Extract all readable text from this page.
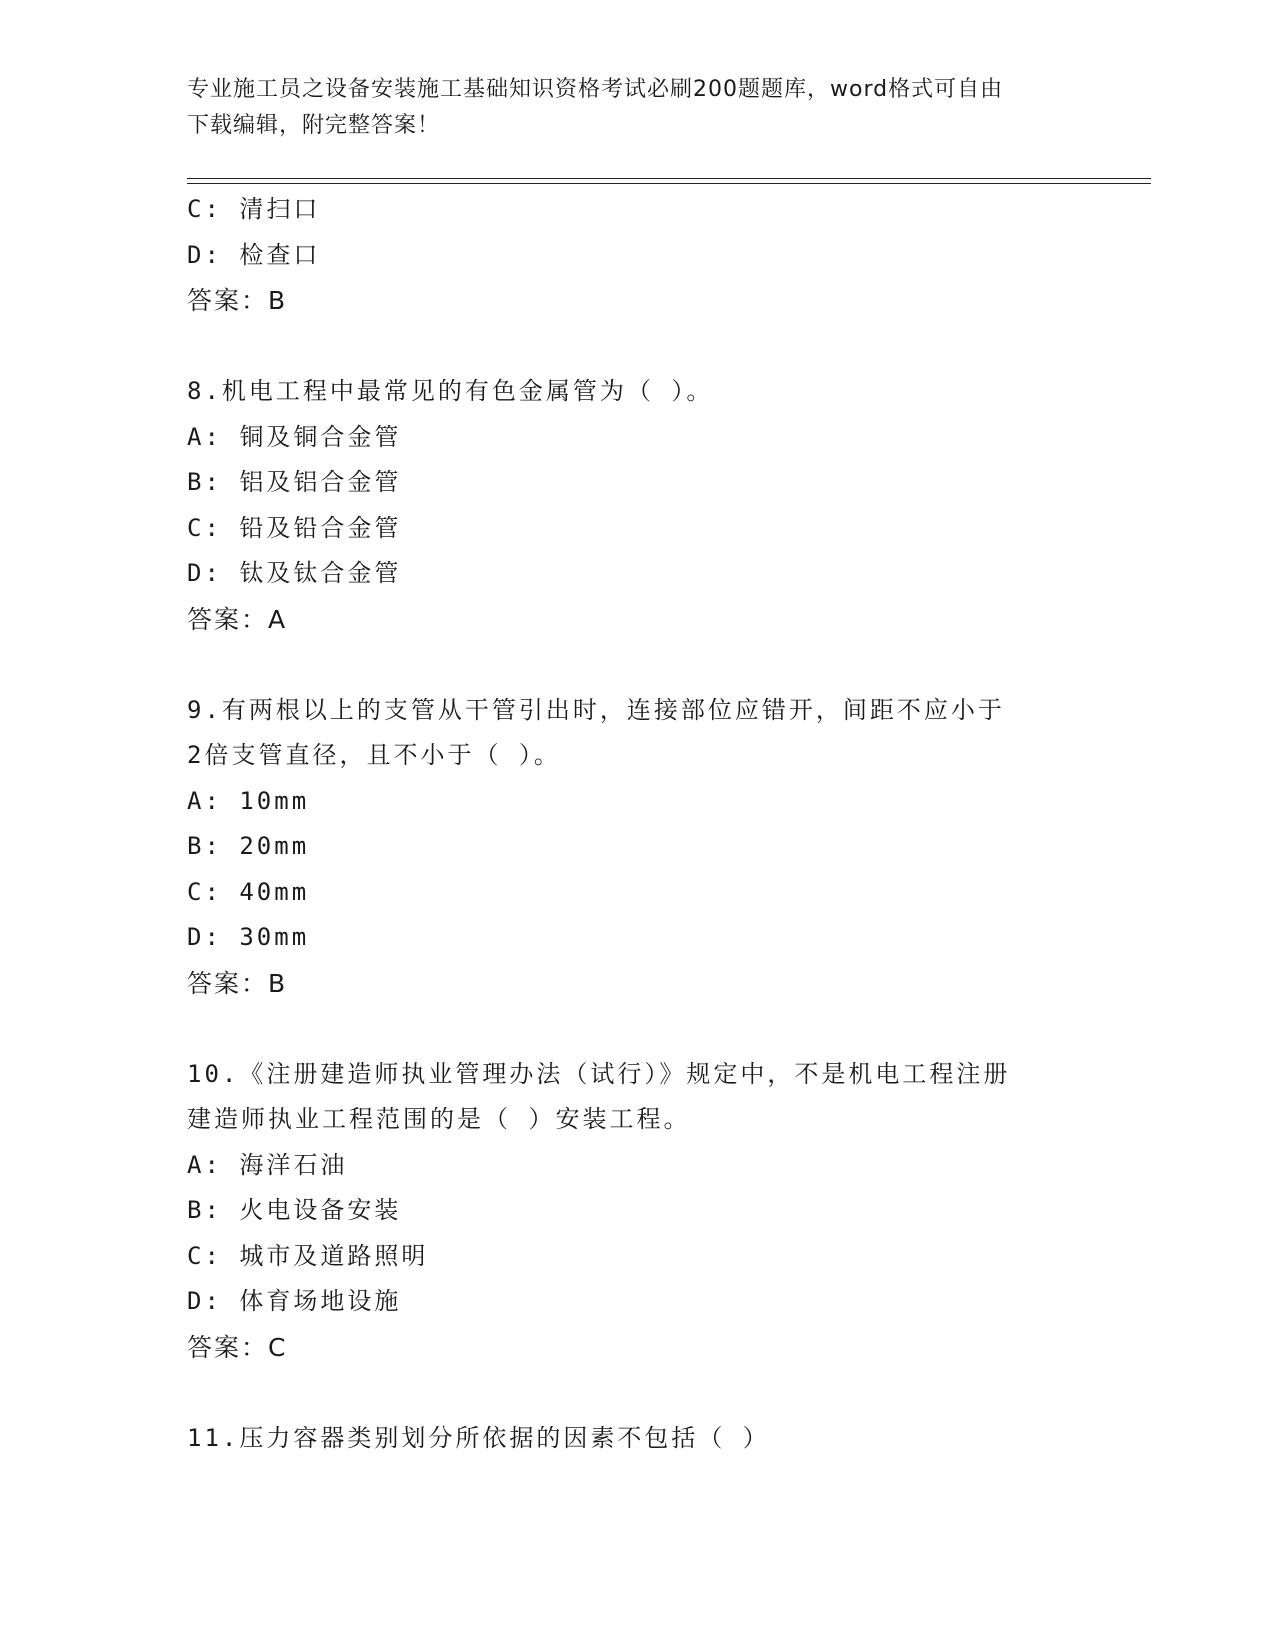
专业施工员之设备安装施工基础知识资格考试必刷200题题库，word格式可自由
下载编辑，附完整答案！
C: 清扫口
D: 检查口
答案：B
8.机电工程中最常见的有色金属管为（ ）。
A: 铜及铜合金管
B: 铝及铝合金管
C: 铅及铅合金管
D: 钛及钛合金管
答案：A
9.有两根以上的支管从干管引出时，连接部位应错开，间距不应小于
2倍支管直径，且不小于（ ）。
A: 10mm
B: 20mm
C: 40mm
D: 30mm
答案：B
10.《注册建造师执业管理办法（试行）》规定中，不是机电工程注册
建造师执业工程范围的是（ ）安装工程。
A: 海洋石油
B: 火电设备安装
C: 城市及道路照明
D: 体育场地设施
答案：C
11.压力容器类别划分所依据的因素不包括（ ）
